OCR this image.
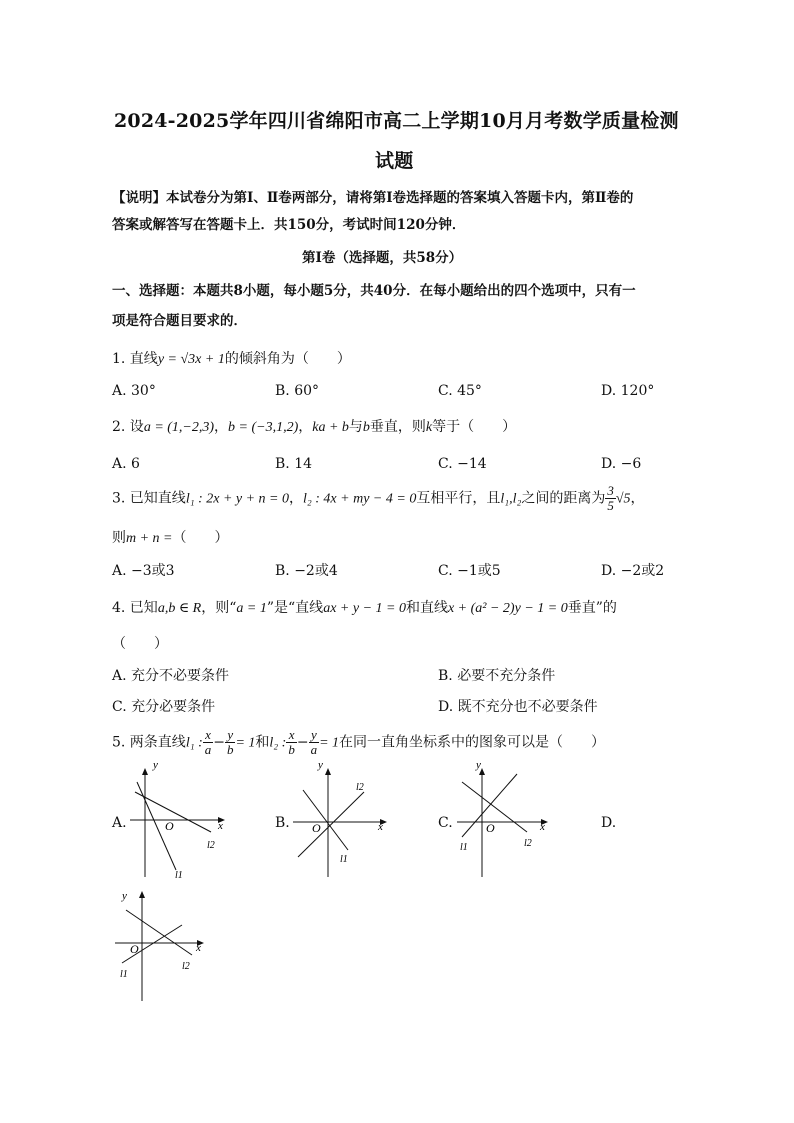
2024-2025学年四川省绵阳市高二上学期10月月考数学质量检测
试题
【说明】本试卷分为第Ⅰ、Ⅱ卷两部分，请将第Ⅰ卷选择题的答案填入答题卡内，第Ⅱ卷的
答案或解答写在答题卡上．共150分，考试时间120分钟．
第Ⅰ卷（选择题，共58分）
一、选择题：本题共8小题，每小题5分，共40分．在每小题给出的四个选项中，只有一
项是符合题目要求的．
1. 直线y = √3x + 1的倾斜角为（　　）
A. 30°	B. 60°	C. 45°	D. 120°
2. 设a = (1,−2,3)，b = (−3,1,2)，ka + b与b垂直，则k等于（　　）
A. 6	B. 14	C. −14	D. −6
3. 已知直线l₁ : 2x + y + n = 0，l₂ : 4x + my − 4 = 0互相平行，且l₁,l₂之间的距离为 $\frac{3}{5} √5$，
则m + n =（　　）
A. −3或3	B. −2或4	C. −1或5	D. −2或2
4. 已知a,b ∈ R，则“a = 1”是“直线ax + y − 1 = 0和直线x + (a² − 2)y − 1 = 0垂直”的
（　　）
A. 充分不必要条件	B. 必要不充分条件
C. 充分必要条件	D. 既不充分也不必要条件
5. 两条直线l₁ : $\frac{x}{a} - \frac{y}{b} = 1$和l₂ : $\frac{x}{b} - \frac{y}{a} = 1$在同一直角坐标系中的图象可以是（　　）
A.	B.	C.	D.
y
x
O
l1
l2
y
x
O
l1
l2
y
x
O
l1	l2
y
x
O
l1
l2
